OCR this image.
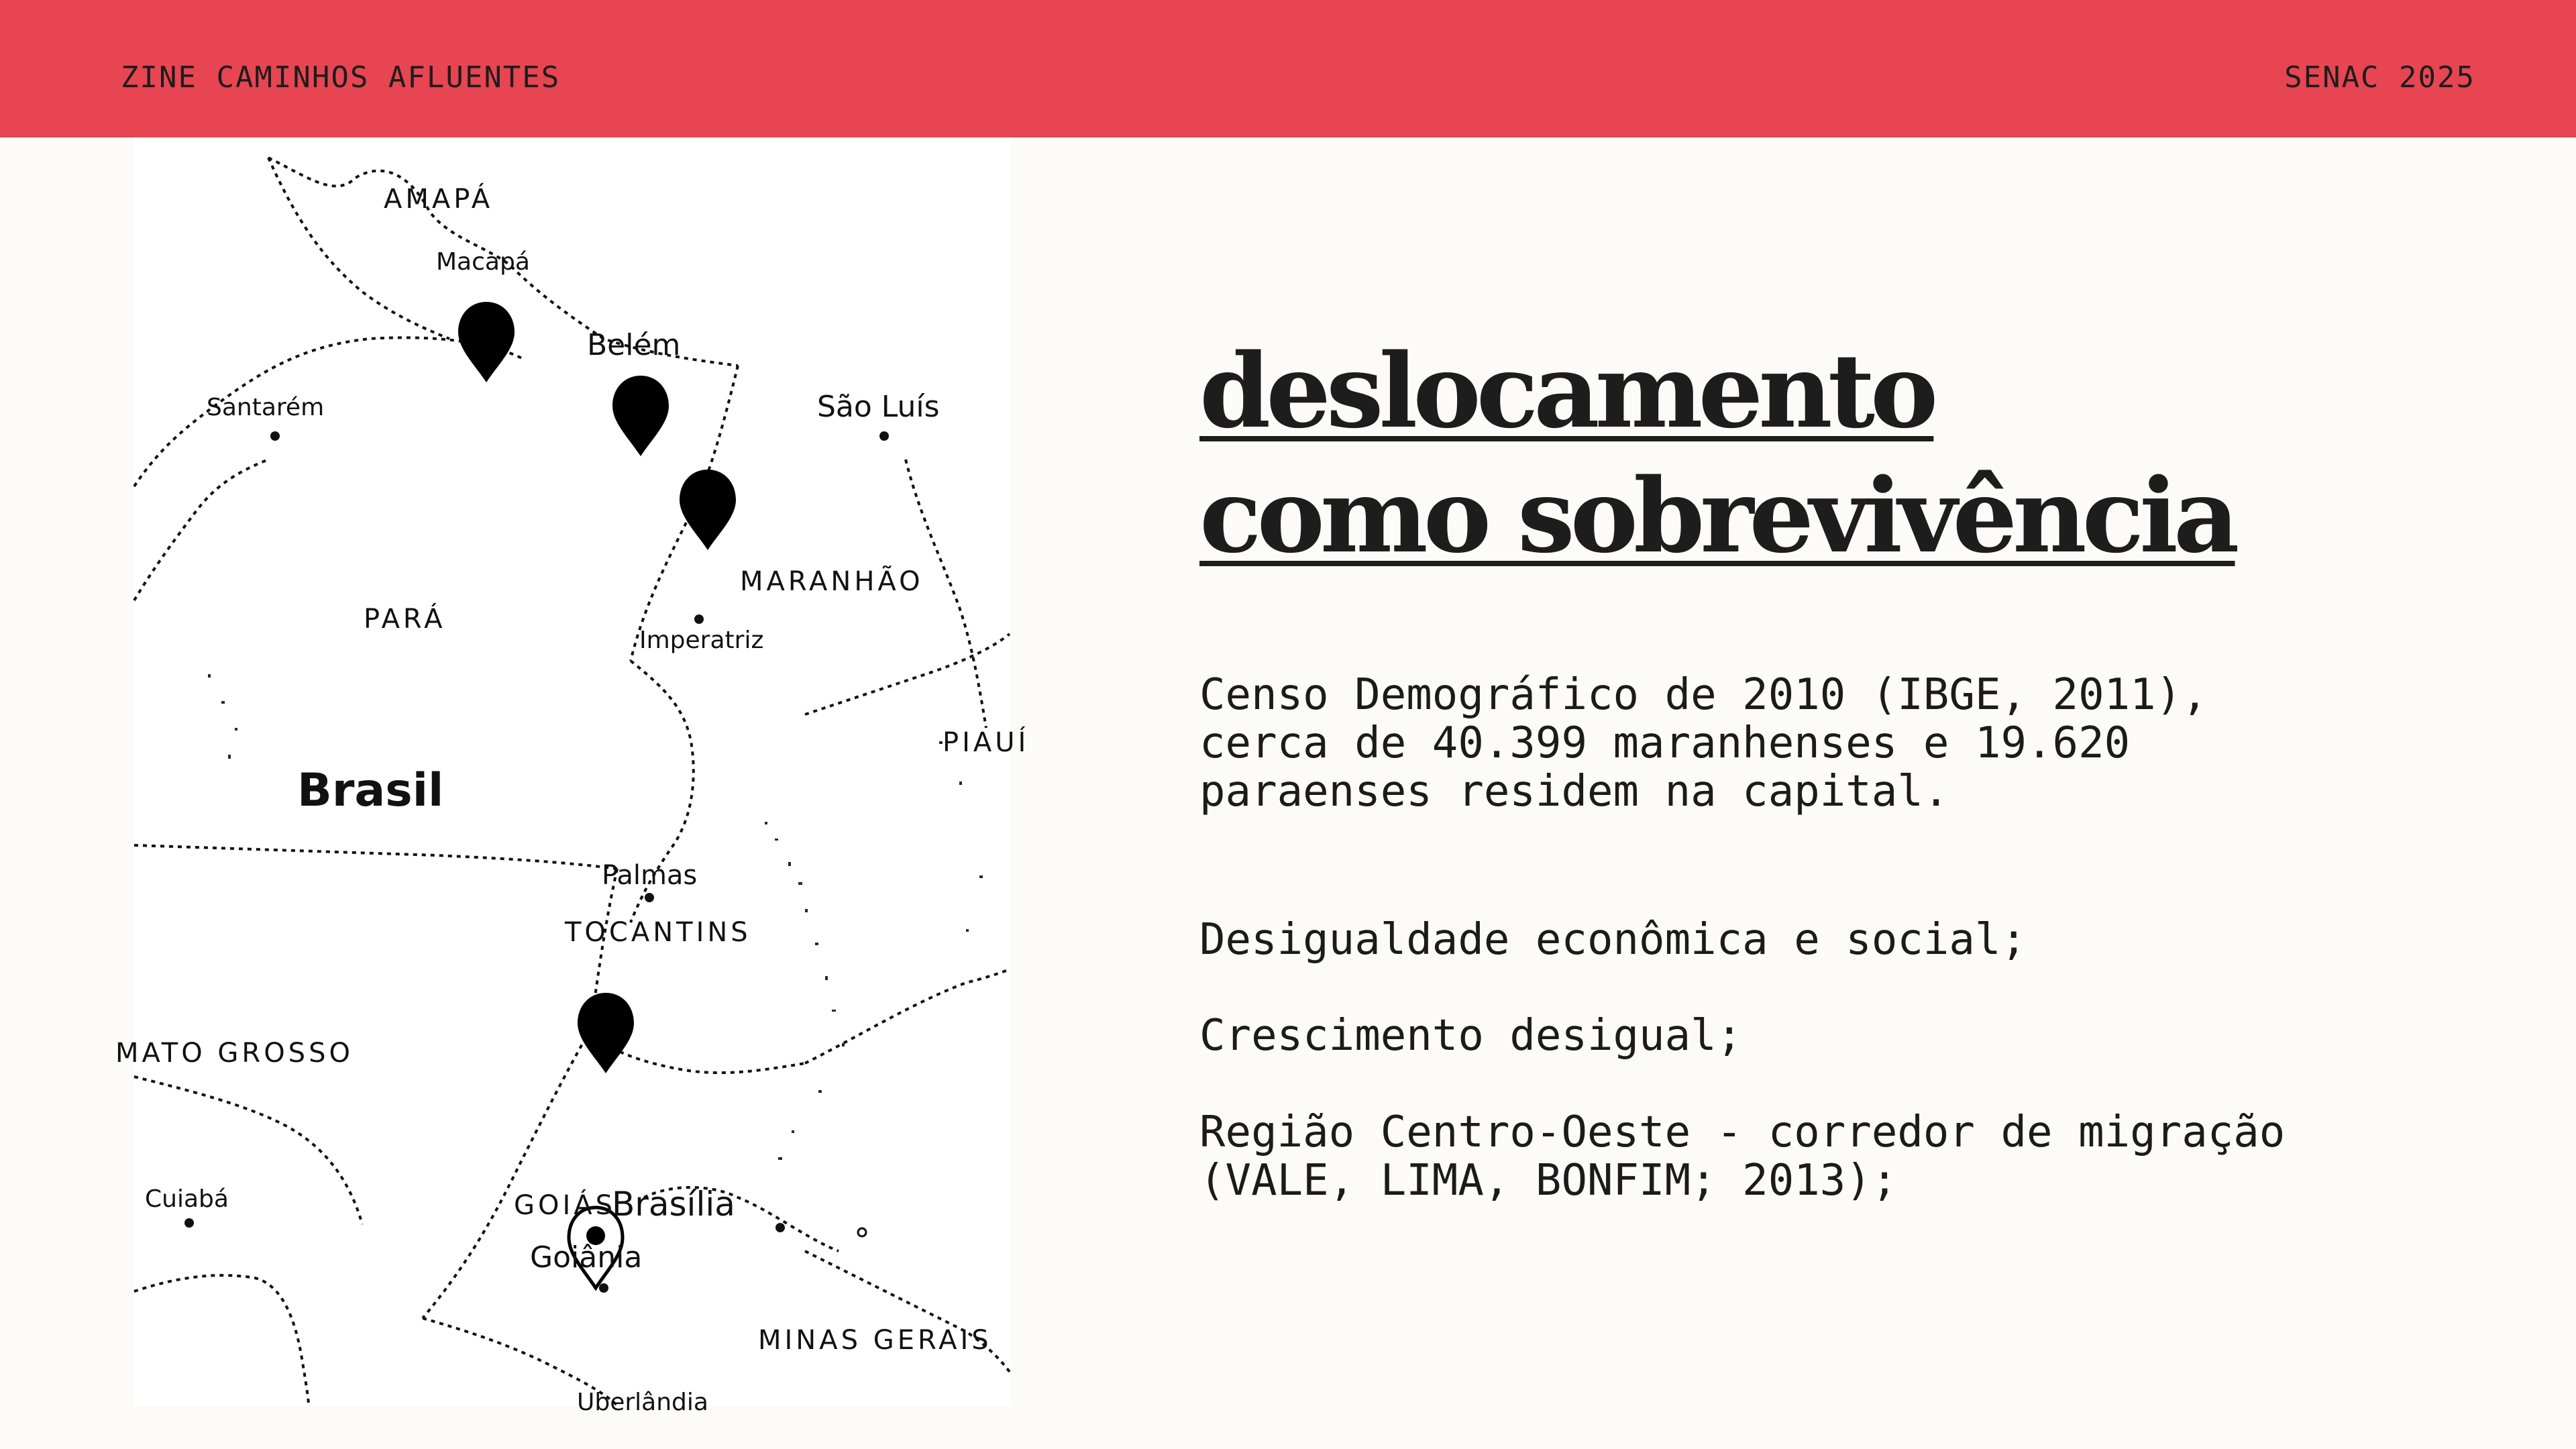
ZINE CAMINHOS AFLUENTES	SENAC 2025
AMAPÁ
Macapá
Belém
Santarém	São Luís
PARÁ
MARANHÃO
Imperatriz
PIAUÍ
Brasil
Palmas
TOCANTINS
MATO GROSSO
Cuiabá	GOIÁS
Brasília
Goiânia
MINAS GERAIS
Uberlândia
deslocamento
como sobrevivência

Censo Demográfico de 2010 (IBGE, 2011),
cerca de 40.399 maranhenses e 19.620
paraenses residem na capital.

Desigualdade econômica e social;

Crescimento desigual;

Região Centro-Oeste - corredor de migração
(VALE, LIMA, BONFIM; 2013);
